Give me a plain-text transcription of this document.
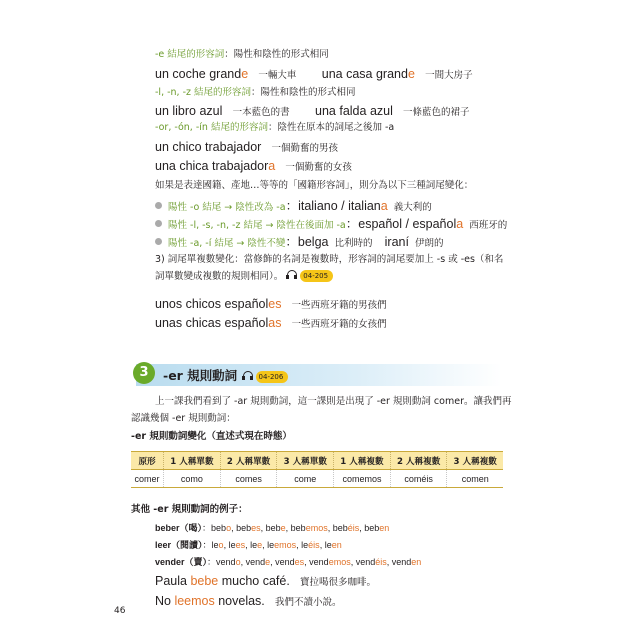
-e 結尾的形容詞：陽性和陰性的形式相同
un coche grande 一輛大車 una casa grande 一間大房子
-l, -n, -z 結尾的形容詞：陽性和陰性的形式相同
un libro azul 一本藍色的書 una falda azul 一條藍色的裙子
-or, -ón, -ín 結尾的形容詞：陰性在原本的詞尾之後加 -a
un chico trabajador 一個勤奮的男孩
una chica trabajadora 一個勤奮的女孩
如果是表達國籍、產地…等等的「國籍形容詞」，則分為以下三種詞尾變化：
陽性 -o 結尾 → 陰性改為 -a：italiano / italiana 義大利的
陽性 -l, -s, -n, -z 結尾 → 陰性在後面加 -a：español / española 西班牙的
陽性 -a, -í 結尾 → 陰性不變：belga 比利時的 iraní 伊朗的
3) 詞尾單複數變化：當修飾的名詞是複數時，形容詞的詞尾要加上 -s 或 -es（和名
詞單數變成複數的規則相同）。	04-205
unos chicos españoles 一些西班牙籍的男孩們
unas chicas españolas 一些西班牙籍的女孩們
3	-er 規則動詞	04-206
上一課我們看到了 -ar 規則動詞，這一課則是出現了 -er 規則動詞 comer。讓我們再
認識幾個 -er 規則動詞：
-er 規則動詞變化（直述式現在時態）
原形	1 人稱單數	2 人稱單數	3 人稱單數	1 人稱複數	2 人稱複數	3 人稱複數
comer	como	comes	come	comemos	coméis	comen
其他 -er 規則動詞的例子：
beber（喝）：bebo, bebes, bebe, bebemos, bebéis, beben
leer（閱讀）：leo, lees, lee, leemos, leéis, leen
vender（賣）：vendo, vende, vendes, vendemos, vendéis, venden
Paula bebe mucho café. 寶拉喝很多咖啡。
No leemos novelas. 我們不讀小說。
46
